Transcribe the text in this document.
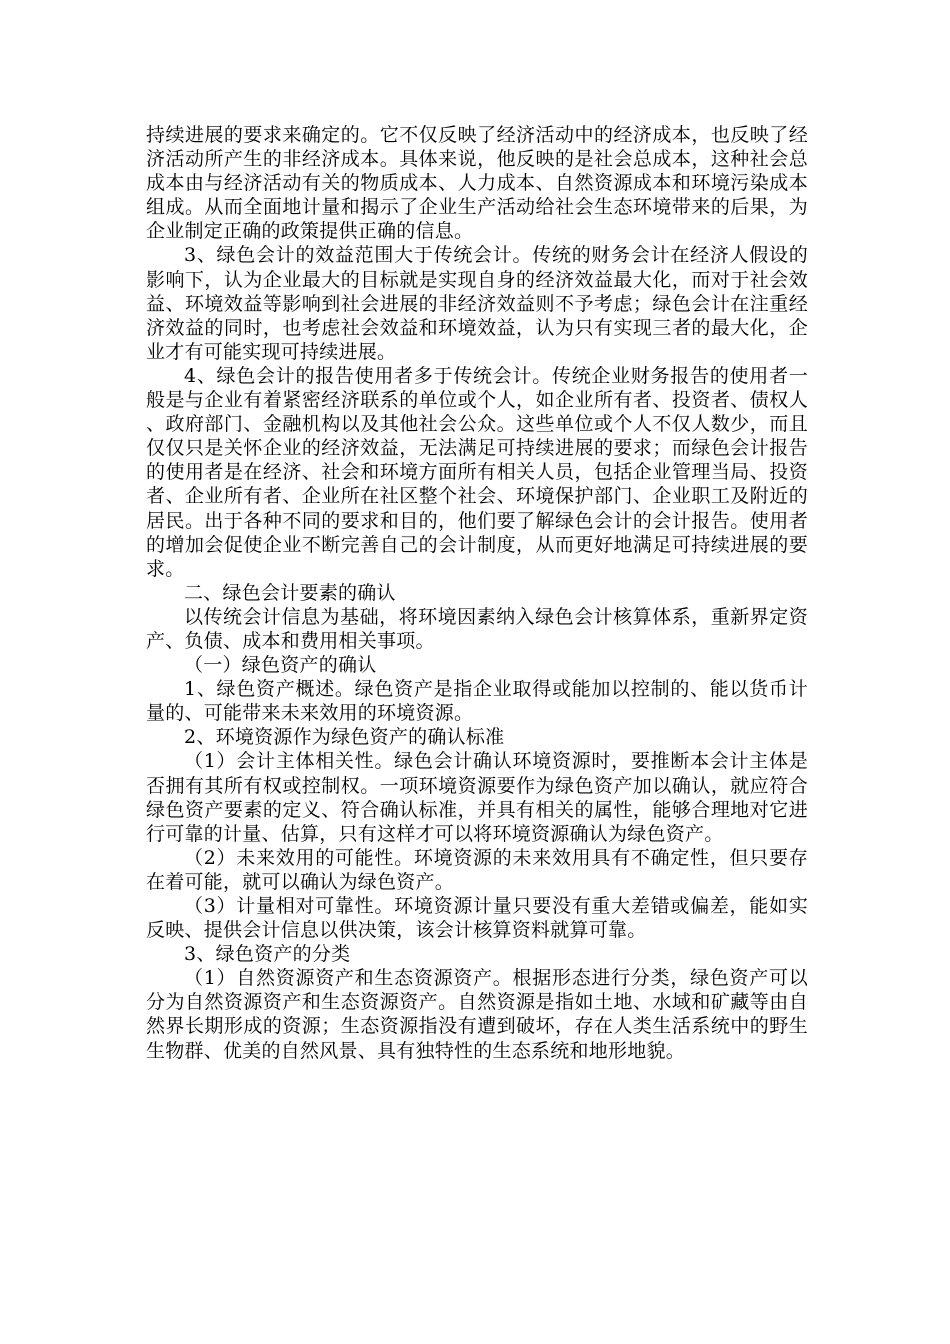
持续进展的要求来确定的。它不仅反映了经济活动中的经济成本，也反映了经济活动所产生的非经济成本。具体来说，他反映的是社会总成本，这种社会总成本由与经济活动有关的物质成本、人力成本、自然资源成本和环境污染成本组成。从而全面地计量和揭示了企业生产活动给社会生态环境带来的后果，为企业制定正确的政策提供正确的信息。

3、绿色会计的效益范围大于传统会计。传统的财务会计在经济人假设的影响下，认为企业最大的目标就是实现自身的经济效益最大化，而对于社会效益、环境效益等影响到社会进展的非经济效益则不予考虑；绿色会计在注重经济效益的同时，也考虑社会效益和环境效益，认为只有实现三者的最大化，企业才有可能实现可持续进展。

4、绿色会计的报告使用者多于传统会计。传统企业财务报告的使用者一般是与企业有着紧密经济联系的单位或个人，如企业所有者、投资者、债权人、政府部门、金融机构以及其他社会公众。这些单位或个人不仅人数少，而且仅仅只是关怀企业的经济效益，无法满足可持续进展的要求；而绿色会计报告的使用者是在经济、社会和环境方面所有相关人员，包括企业管理当局、投资者、企业所有者、企业所在社区整个社会、环境保护部门、企业职工及附近的居民。出于各种不同的要求和目的，他们要了解绿色会计的会计报告。使用者的增加会促使企业不断完善自己的会计制度，从而更好地满足可持续进展的要求。

二、绿色会计要素的确认

以传统会计信息为基础，将环境因素纳入绿色会计核算体系，重新界定资产、负债、成本和费用相关事项。

（一）绿色资产的确认

1、绿色资产概述。绿色资产是指企业取得或能加以控制的、能以货币计量的、可能带来未来效用的环境资源。

2、环境资源作为绿色资产的确认标准

（1）会计主体相关性。绿色会计确认环境资源时，要推断本会计主体是否拥有其所有权或控制权。一项环境资源要作为绿色资产加以确认，就应符合绿色资产要素的定义、符合确认标准，并具有相关的属性，能够合理地对它进行可靠的计量、估算，只有这样才可以将环境资源确认为绿色资产。

（2）未来效用的可能性。环境资源的未来效用具有不确定性，但只要存在着可能，就可以确认为绿色资产。

（3）计量相对可靠性。环境资源计量只要没有重大差错或偏差，能如实反映、提供会计信息以供决策，该会计核算资料就算可靠。

3、绿色资产的分类

（1）自然资源资产和生态资源资产。根据形态进行分类，绿色资产可以分为自然资源资产和生态资源资产。自然资源是指如土地、水域和矿藏等由自然界长期形成的资源；生态资源指没有遭到破坏，存在人类生活系统中的野生生物群、优美的自然风景、具有独特性的生态系统和地形地貌。
